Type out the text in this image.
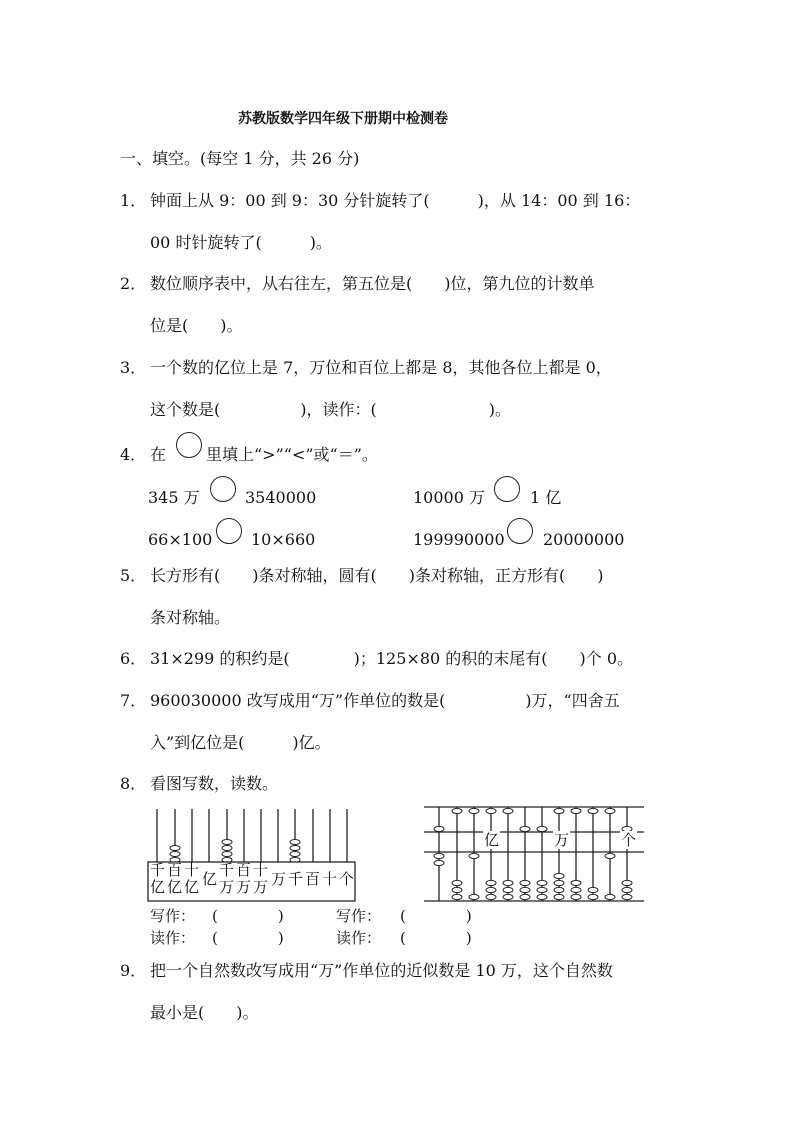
苏教版数学四年级下册期中检测卷
一、填空。(每空 1 分，共 26 分)
1． 钟面上从 9：00 到 9：30 分针旋转了(　　　)，从 14：00 到 16：
00 时针旋转了(　　　)。
2． 数位顺序表中，从右往左，第五位是(　　)位，第九位的计数单
位是(　　)。
3． 一个数的亿位上是 7，万位和百位上都是 8，其他各位上都是 0，
这个数是(　　　　　)，读作：(　　　　　　　)。
4． 在 里填上“>”“<”或“＝”。
345 万	3540000	10000 万	1 亿
66×100 10×660	199990000 20000000
5． 长方形有(　　)条对称轴，圆有(　　)条对称轴，正方形有(　　)
条对称轴。
6． 31×299 的积约是(　　　　)；125×80 的积的末尾有(　　)个 0。
7． 960030000 改写成用“万”作单位的数是(　　　　　)万，“四舍五
入”到亿位是(　　　)亿。
8． 看图写数，读数。
千
亿
百
亿
十
亿 亿 千
万
百
万
十
万 万 千 百 十 个
亿	万	个
写作： (　　　　)
读作： (　　　　)
写作： (　　　　)
读作： (　　　　)
9． 把一个自然数改写成用“万”作单位的近似数是 10 万，这个自然数
最小是(　　)。
